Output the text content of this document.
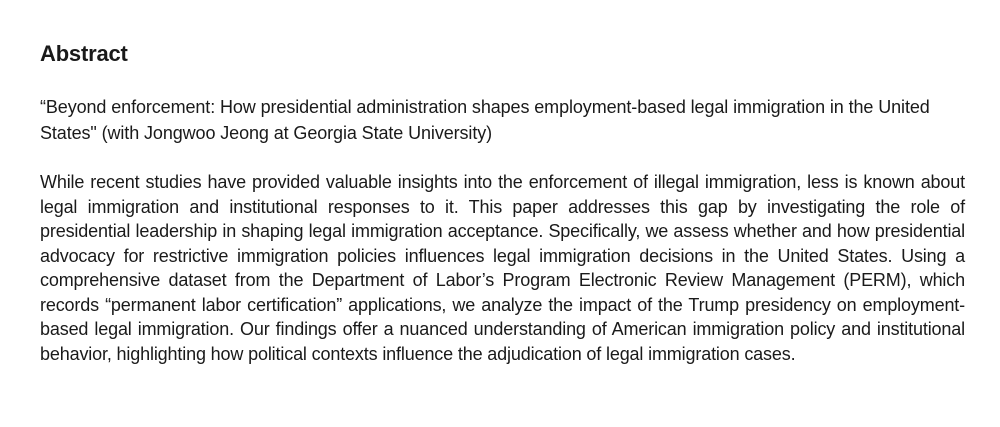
Abstract

“Beyond enforcement: How presidential administration shapes employment-based legal immigration in the United States" (with Jongwoo Jeong at Georgia State University)

While recent studies have provided valuable insights into the enforcement of illegal immigration, less is known about legal immigration and institutional responses to it. This paper addresses this gap by investigating the role of presidential leadership in shaping legal immigration acceptance. Specifically, we assess whether and how presidential advocacy for restrictive immigration policies influences legal immigration decisions in the United States. Using a comprehensive dataset from the Department of Labor’s Program Electronic Review Management (PERM), which records “permanent labor certification” applications, we analyze the impact of the Trump presidency on employment-based legal immigration. Our findings offer a nuanced understanding of American immigration policy and institutional behavior, highlighting how political contexts influence the adjudication of legal immigration cases.
